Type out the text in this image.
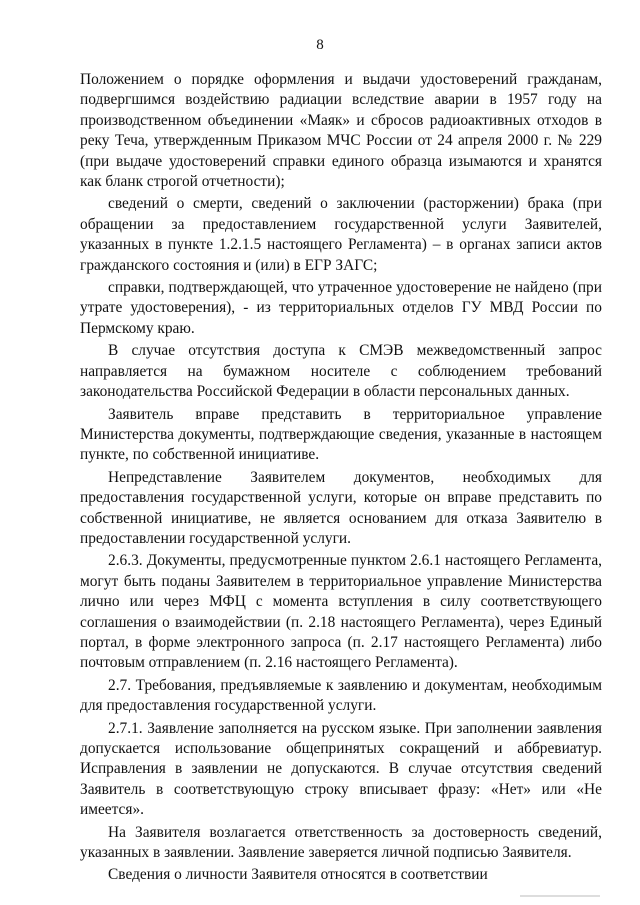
8

Положением о порядке оформления и выдачи удостоверений гражданам, подвергшимся воздействию радиации вследствие аварии в 1957 году на производственном объединении «Маяк» и сбросов радиоактивных отходов в реку Теча, утвержденным Приказом МЧС России от 24 апреля 2000 г. № 229 (при выдаче удостоверений справки единого образца изымаются и хранятся как бланк строгой отчетности);

сведений о смерти, сведений о заключении (расторжении) брака (при обращении за предоставлением государственной услуги Заявителей, указанных в пункте 1.2.1.5 настоящего Регламента) – в органах записи актов гражданского состояния и (или) в ЕГР ЗАГС;

справки, подтверждающей, что утраченное удостоверение не найдено (при утрате удостоверения), - из территориальных отделов ГУ МВД России по Пермскому краю.

В случае отсутствия доступа к СМЭВ межведомственный запрос направляется на бумажном носителе с соблюдением требований законодательства Российской Федерации в области персональных данных.

Заявитель вправе представить в территориальное управление Министерства документы, подтверждающие сведения, указанные в настоящем пункте, по собственной инициативе.

Непредставление Заявителем документов, необходимых для предоставления государственной услуги, которые он вправе представить по собственной инициативе, не является основанием для отказа Заявителю в предоставлении государственной услуги.

2.6.3. Документы, предусмотренные пунктом 2.6.1 настоящего Регламента, могут быть поданы Заявителем в территориальное управление Министерства лично или через МФЦ с момента вступления в силу соответствующего соглашения о взаимодействии (п. 2.18 настоящего Регламента), через Единый портал, в форме электронного запроса (п. 2.17 настоящего Регламента) либо почтовым отправлением (п. 2.16 настоящего Регламента).

2.7. Требования, предъявляемые к заявлению и документам, необходимым для предоставления государственной услуги.

2.7.1. Заявление заполняется на русском языке. При заполнении заявления допускается использование общепринятых сокращений и аббревиатур. Исправления в заявлении не допускаются. В случае отсутствия сведений Заявитель в соответствующую строку вписывает фразу: «Нет» или «Не имеется».

На Заявителя возлагается ответственность за достоверность сведений, указанных в заявлении. Заявление заверяется личной подписью Заявителя.

Сведения о личности Заявителя относятся в соответствии
